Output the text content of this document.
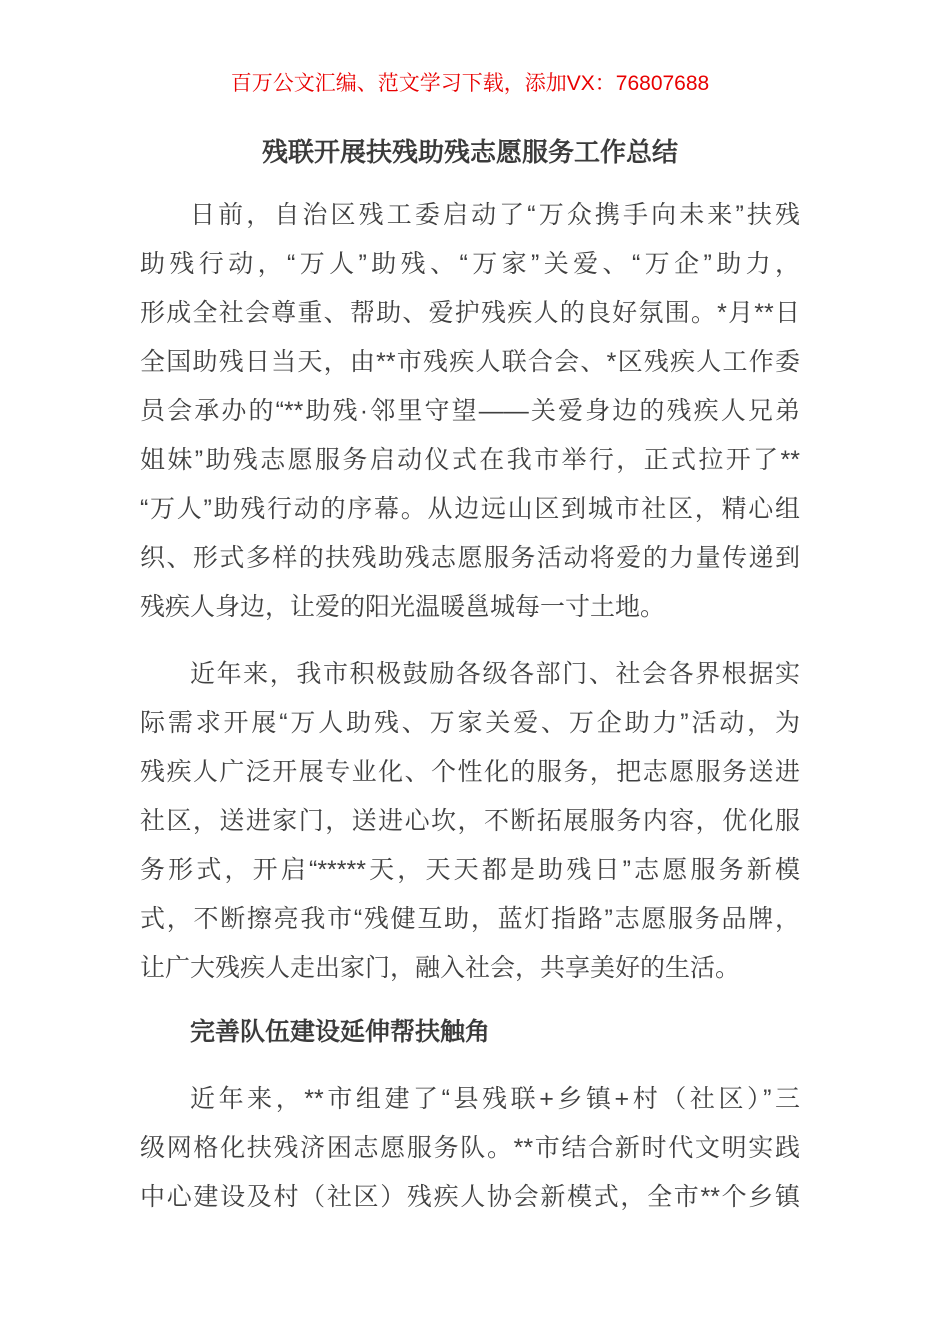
百万公文汇编、范文学习下载，添加VX：76807688
残联开展扶残助残志愿服务工作总结
日前，自治区残工委启动了“万众携手向未来”扶残
助残行动，“万人”助残、“万家”关爱、“万企”助力，
形成全社会尊重、帮助、爱护残疾人的良好氛围。*月**日
全国助残日当天，由**市残疾人联合会、*区残疾人工作委
员会承办的“**助残·邻里守望——关爱身边的残疾人兄弟
姐妹”助残志愿服务启动仪式在我市举行，正式拉开了**
“万人”助残行动的序幕。从边远山区到城市社区，精心组
织、形式多样的扶残助残志愿服务活动将爱的力量传递到
残疾人身边，让爱的阳光温暖邕城每一寸土地。
近年来，我市积极鼓励各级各部门、社会各界根据实
际需求开展“万人助残、万家关爱、万企助力”活动，为
残疾人广泛开展专业化、个性化的服务，把志愿服务送进
社区，送进家门，送进心坎，不断拓展服务内容，优化服
务形式，开启“*****天，天天都是助残日”志愿服务新模
式，不断擦亮我市“残健互助，蓝灯指路”志愿服务品牌，
让广大残疾人走出家门，融入社会，共享美好的生活。
完善队伍建设延伸帮扶触角
近年来，**市组建了“县残联+乡镇+村（社区）”三
级网格化扶残济困志愿服务队。**市结合新时代文明实践
中心建设及村（社区）残疾人协会新模式，全市**个乡镇
